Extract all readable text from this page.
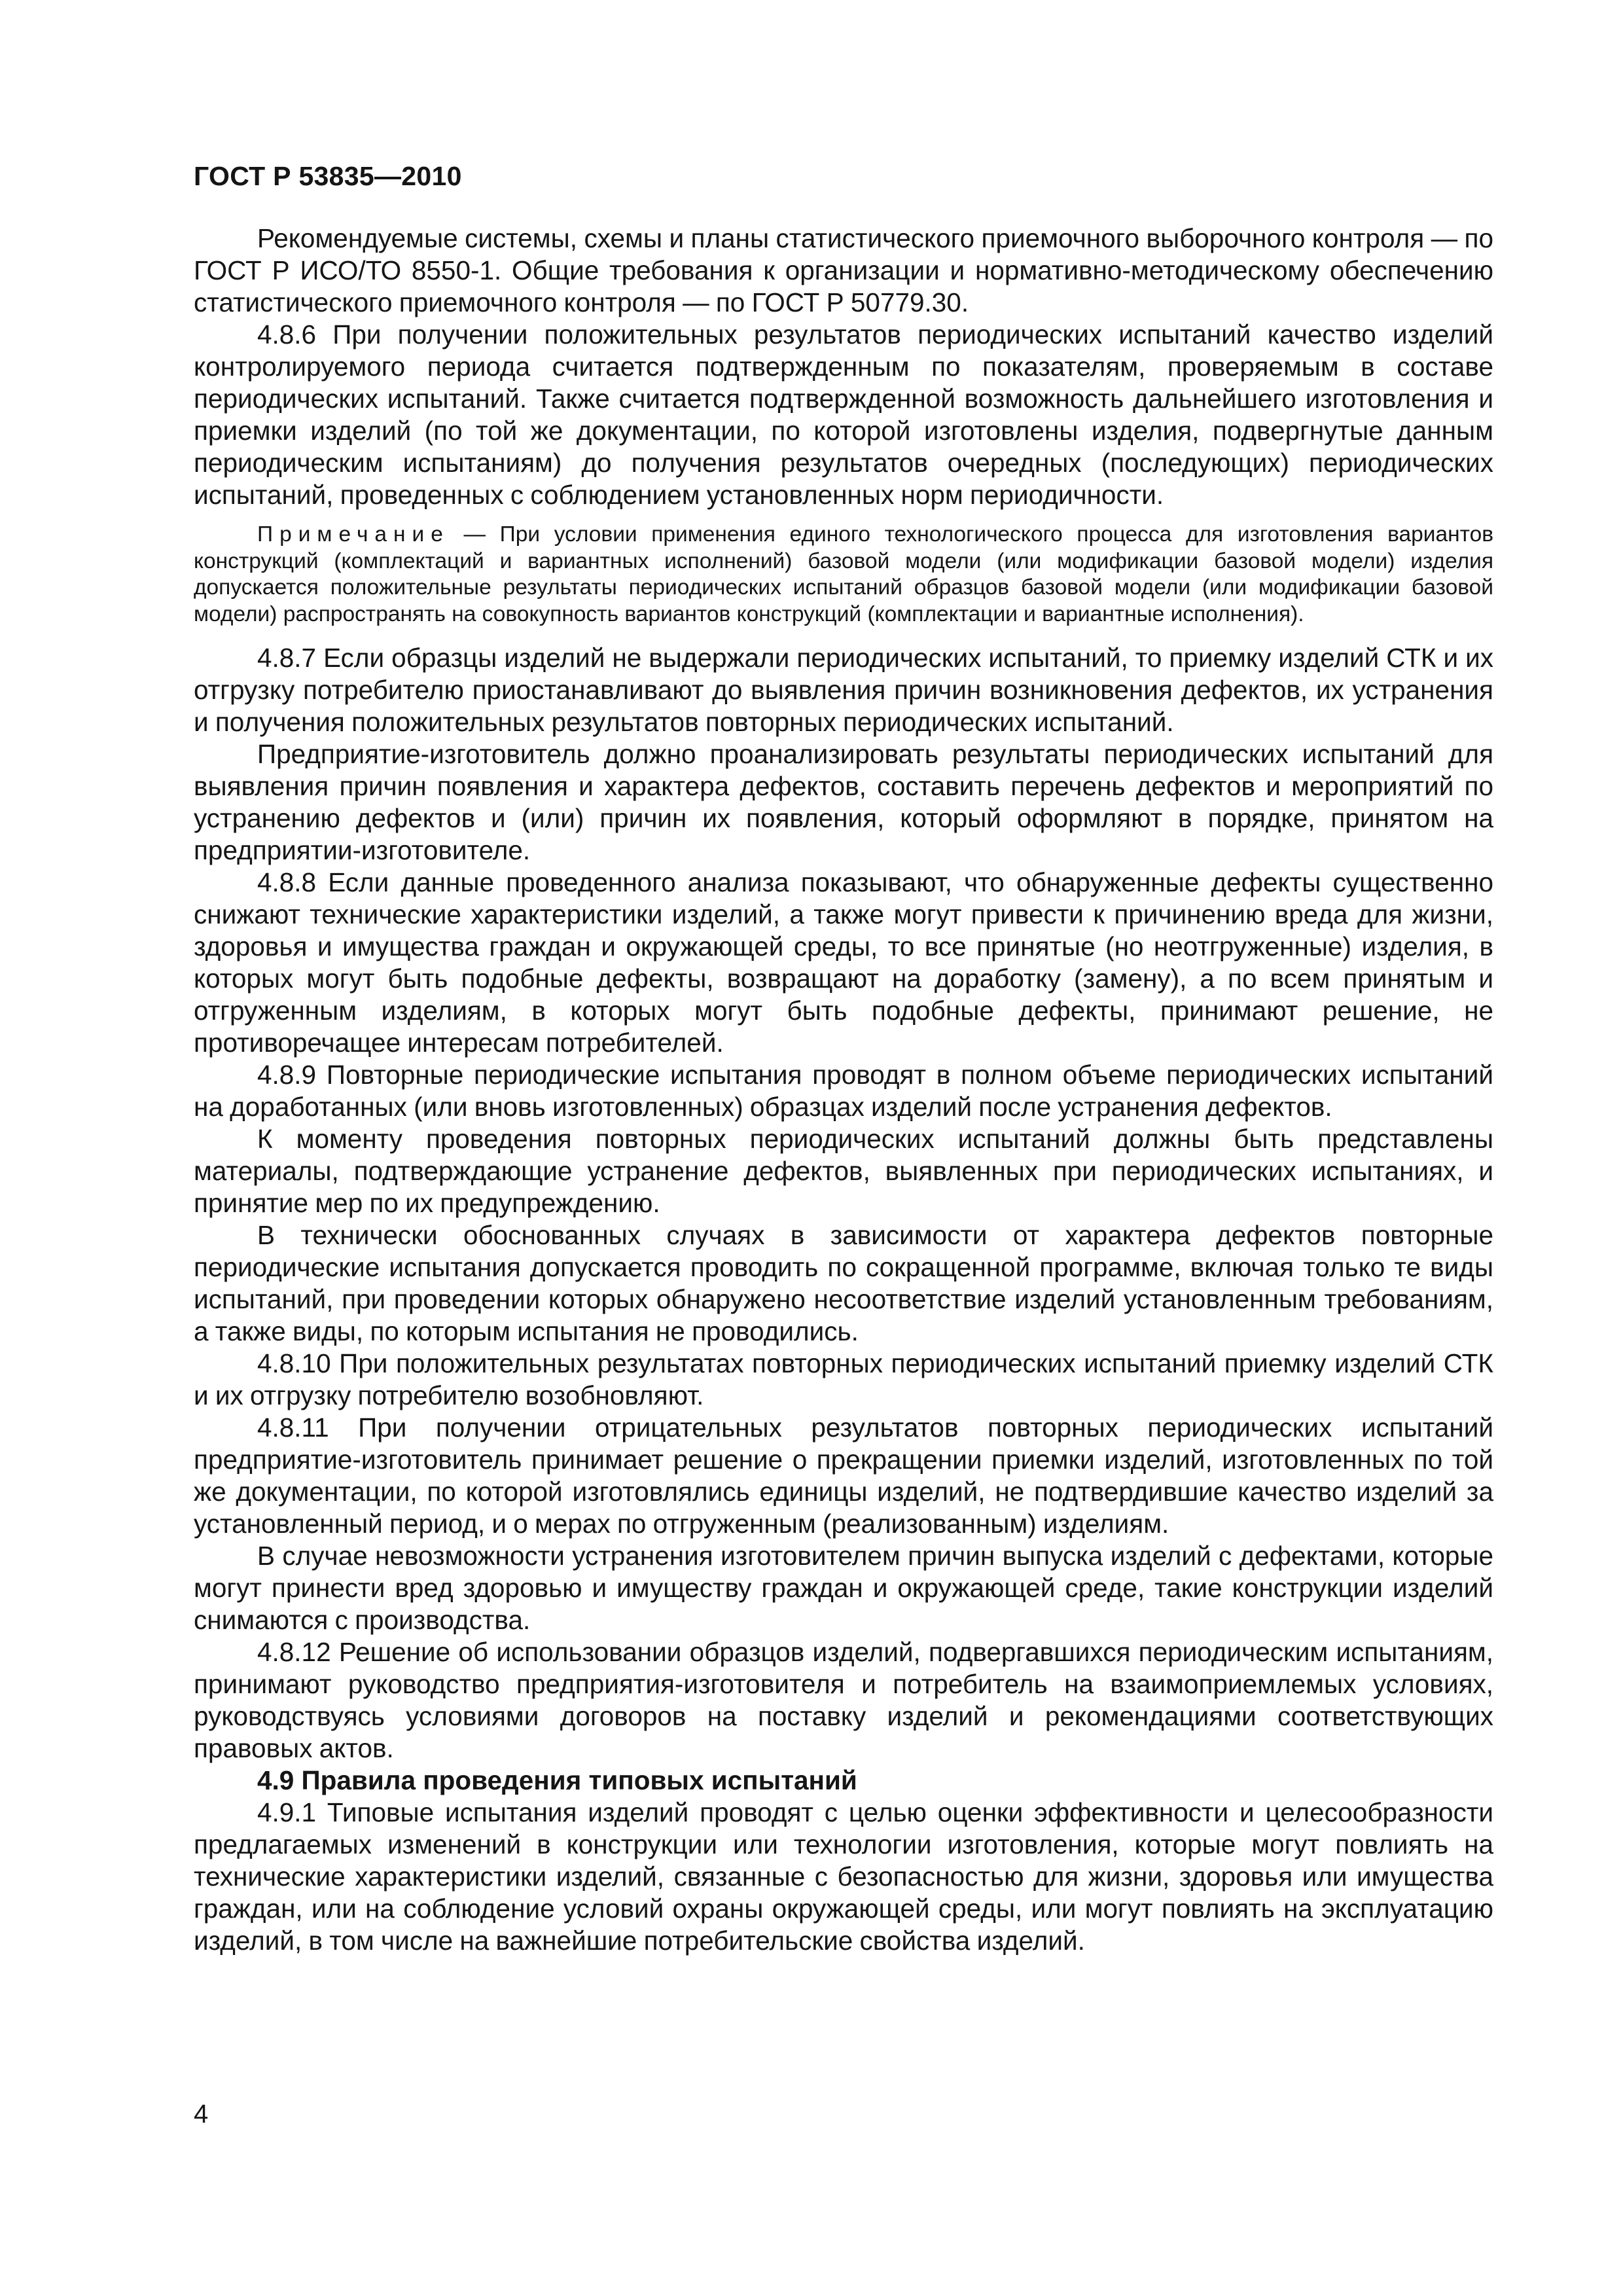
ГОСТ Р 53835—2010

Рекомендуемые системы, схемы и планы статистического приемочного выборочного контроля — по ГОСТ Р ИСО/ТО 8550-1. Общие требования к организации и нормативно-методическому обеспечению статистического приемочного контроля — по ГОСТ Р 50779.30.

4.8.6 При получении положительных результатов периодических испытаний качество изделий контролируемого периода считается подтвержденным по показателям, проверяемым в составе периодических испытаний. Также считается подтвержденной возможность дальнейшего изготовления и приемки изделий (по той же документации, по которой изготовлены изделия, подвергнутые данным периодическим испытаниям) до получения результатов очередных (последующих) периодических испытаний, проведенных с соблюдением установленных норм периодичности.

Примечание — При условии применения единого технологического процесса для изготовления вариантов конструкций (комплектаций и вариантных исполнений) базовой модели (или модификации базовой модели) изделия допускается положительные результаты периодических испытаний образцов базовой модели (или модификации базовой модели) распространять на совокупность вариантов конструкций (комплектации и вариантные исполнения).

4.8.7 Если образцы изделий не выдержали периодических испытаний, то приемку изделий СТК и их отгрузку потребителю приостанавливают до выявления причин возникновения дефектов, их устранения и получения положительных результатов повторных периодических испытаний.

Предприятие-изготовитель должно проанализировать результаты периодических испытаний для выявления причин появления и характера дефектов, составить перечень дефектов и мероприятий по устранению дефектов и (или) причин их появления, который оформляют в порядке, принятом на предприятии-изготовителе.

4.8.8 Если данные проведенного анализа показывают, что обнаруженные дефекты существенно снижают технические характеристики изделий, а также могут привести к причинению вреда для жизни, здоровья и имущества граждан и окружающей среды, то все принятые (но неотгруженные) изделия, в которых могут быть подобные дефекты, возвращают на доработку (замену), а по всем принятым и отгруженным изделиям, в которых могут быть подобные дефекты, принимают решение, не противоречащее интересам потребителей.

4.8.9 Повторные периодические испытания проводят в полном объеме периодических испытаний на доработанных (или вновь изготовленных) образцах изделий после устранения дефектов.

К моменту проведения повторных периодических испытаний должны быть представлены материалы, подтверждающие устранение дефектов, выявленных при периодических испытаниях, и принятие мер по их предупреждению.

В технически обоснованных случаях в зависимости от характера дефектов повторные периодические испытания допускается проводить по сокращенной программе, включая только те виды испытаний, при проведении которых обнаружено несоответствие изделий установленным требованиям, а также виды, по которым испытания не проводились.

4.8.10 При положительных результатах повторных периодических испытаний приемку изделий СТК и их отгрузку потребителю возобновляют.

4.8.11 При получении отрицательных результатов повторных периодических испытаний предприятие-изготовитель принимает решение о прекращении приемки изделий, изготовленных по той же документации, по которой изготовлялись единицы изделий, не подтвердившие качество изделий за установленный период, и о мерах по отгруженным (реализованным) изделиям.

В случае невозможности устранения изготовителем причин выпуска изделий с дефектами, которые могут принести вред здоровью и имуществу граждан и окружающей среде, такие конструкции изделий снимаются с производства.

4.8.12 Решение об использовании образцов изделий, подвергавшихся периодическим испытаниям, принимают руководство предприятия-изготовителя и потребитель на взаимоприемлемых условиях, руководствуясь условиями договоров на поставку изделий и рекомендациями соответствующих правовых актов.

4.9 Правила проведения типовых испытаний

4.9.1 Типовые испытания изделий проводят с целью оценки эффективности и целесообразности предлагаемых изменений в конструкции или технологии изготовления, которые могут повлиять на технические характеристики изделий, связанные с безопасностью для жизни, здоровья или имущества граждан, или на соблюдение условий охраны окружающей среды, или могут повлиять на эксплуатацию изделий, в том числе на важнейшие потребительские свойства изделий.

4
